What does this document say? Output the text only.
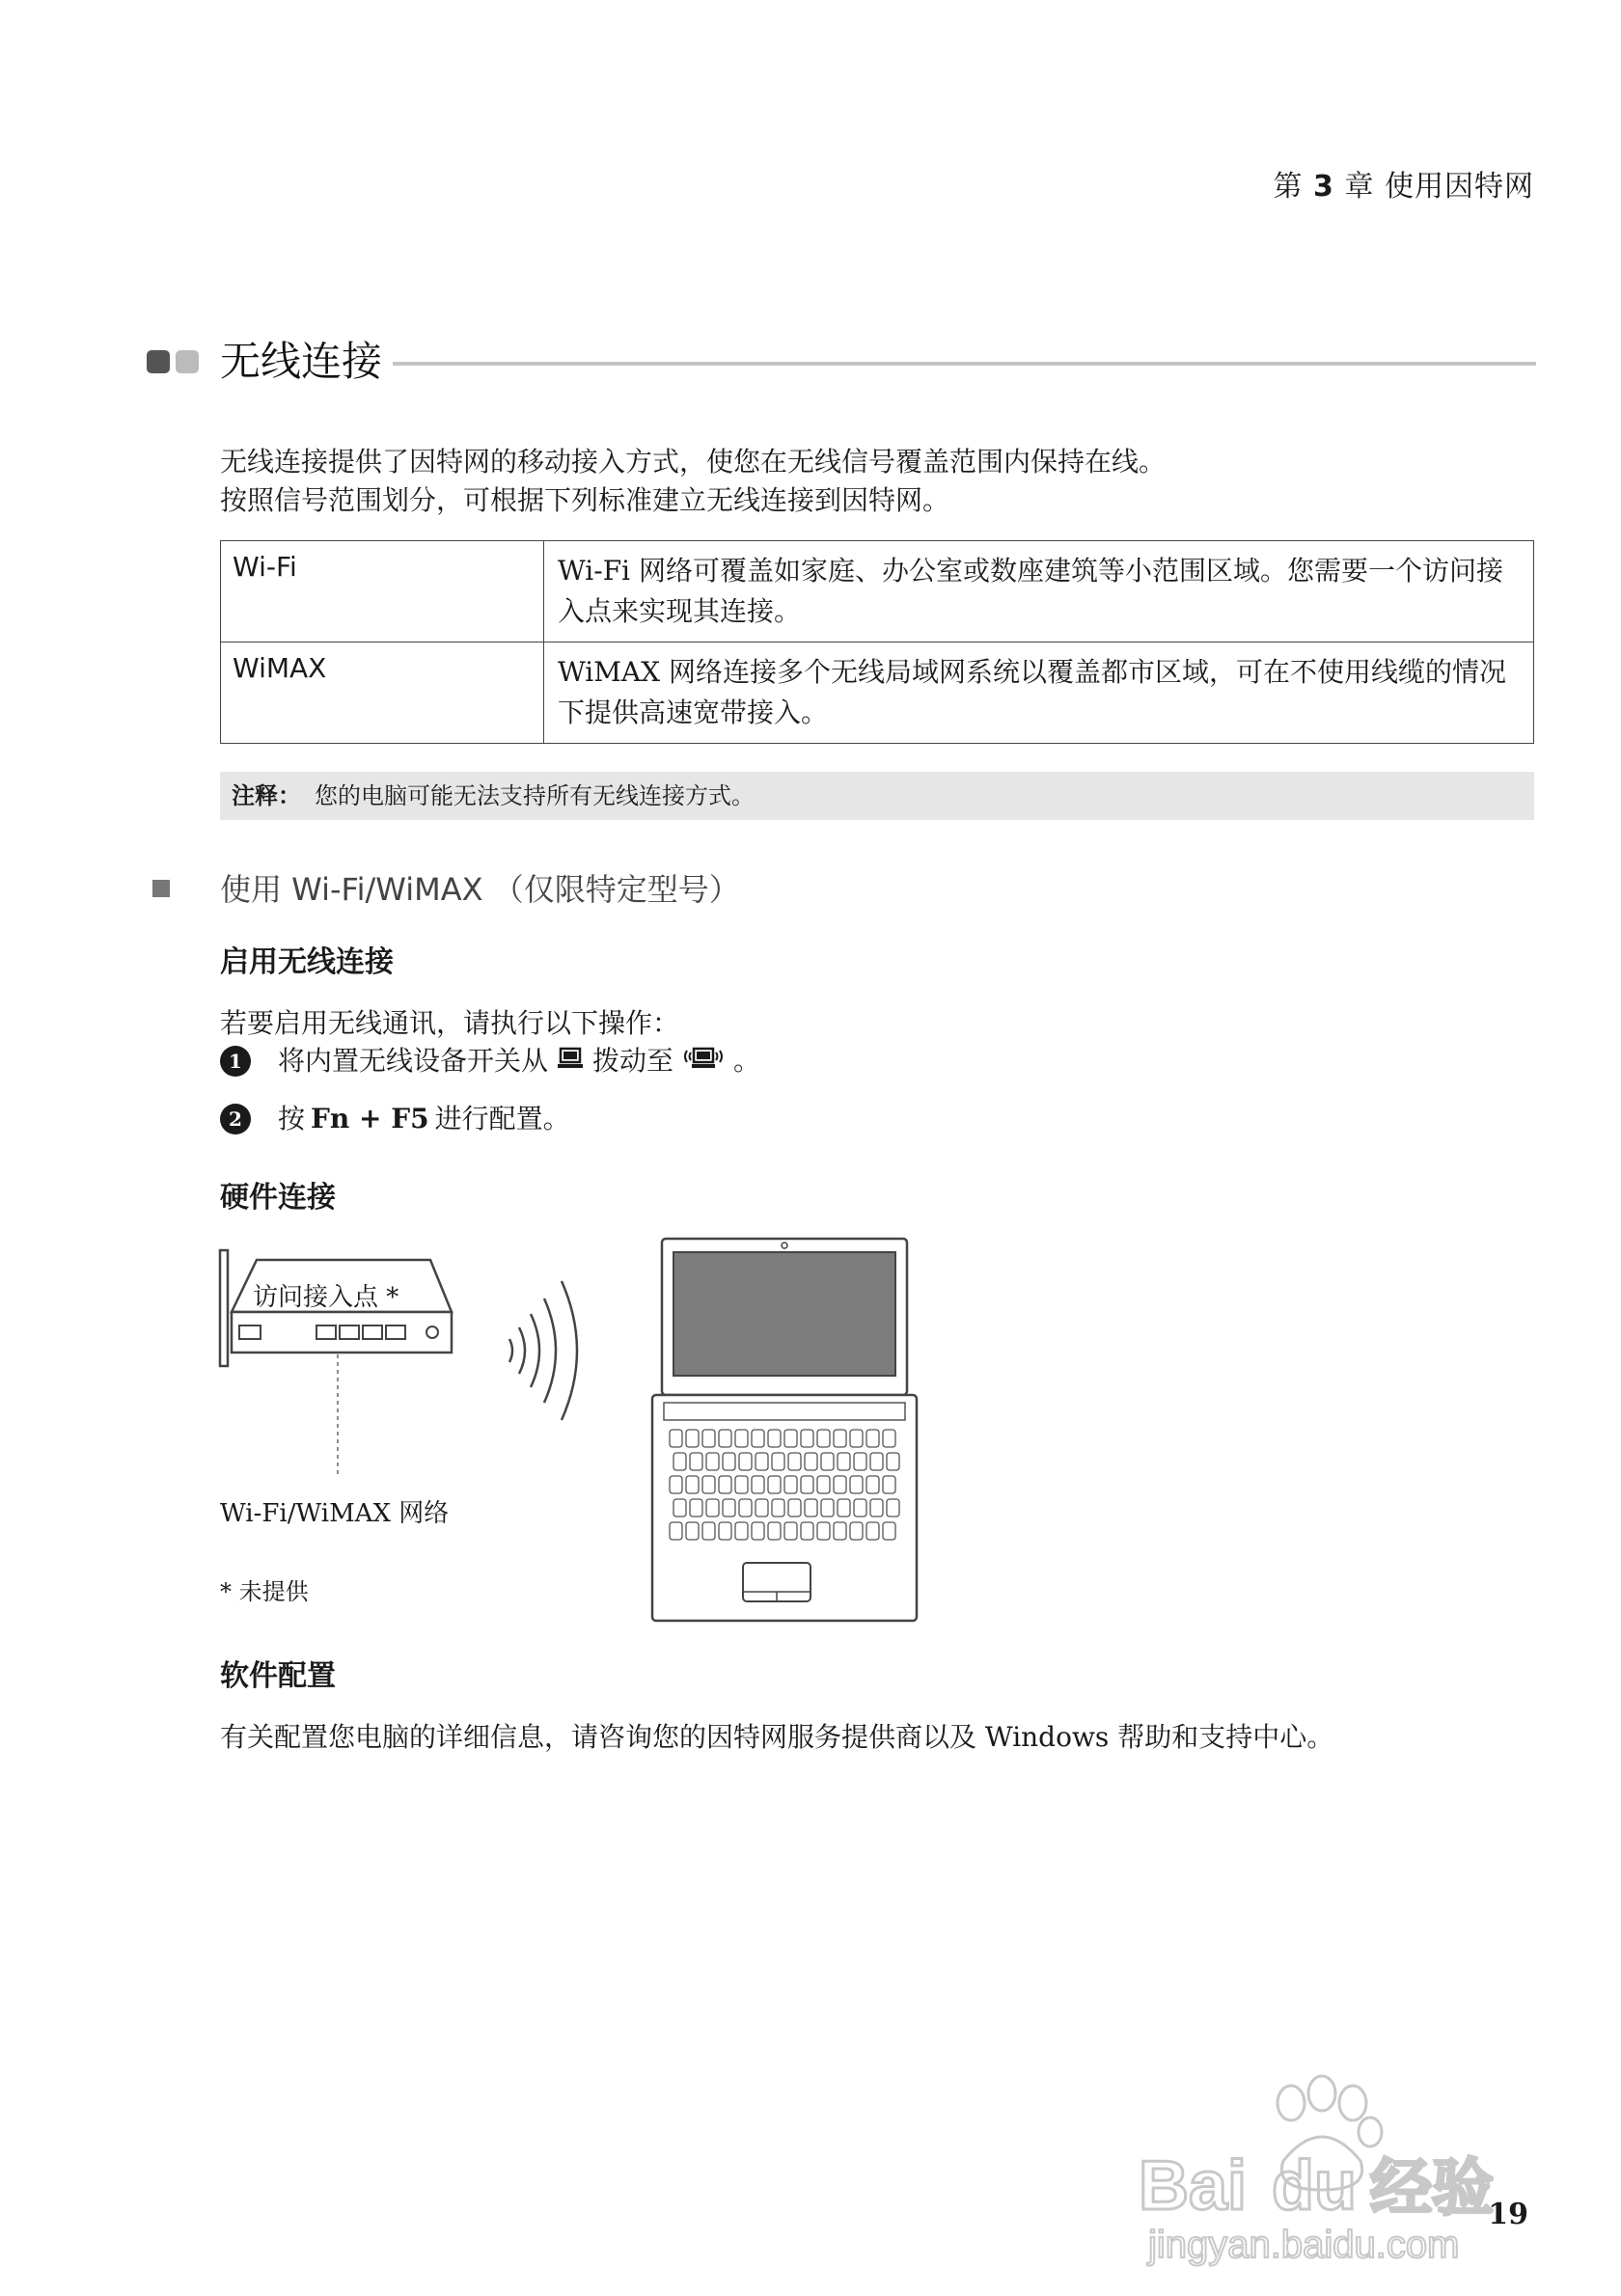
第 3 章 使用因特网
无线连接
无线连接提供了因特网的移动接入方式，使您在无线信号覆盖范围内保持在线。
按照信号范围划分，可根据下列标准建立无线连接到因特网。
Wi-Fi	Wi-Fi 网络可覆盖如家庭、办公室或数座建筑等小范围区域。您需要一个访问接入点来实现其连接。
WiMAX	WiMAX 网络连接多个无线局域网系统以覆盖都市区域，可在不使用线缆的情况下提供高速宽带接入。
注释： 您的电脑可能无法支持所有无线连接方式。
使用 Wi-Fi/WiMAX （仅限特定型号）
启用无线连接
若要启用无线通讯，请执行以下操作：
1	将内置无线设备开关从 拨动至 。
2	按 Fn + F5 进行配置。
硬件连接
访问接入点 *
Wi-Fi/WiMAX 网络
* 未提供
软件配置
有关配置您电脑的详细信息，请咨询您的因特网服务提供商以及 Windows 帮助和支持中心。
Bai du 经验
jingyan.baidu.com
19
